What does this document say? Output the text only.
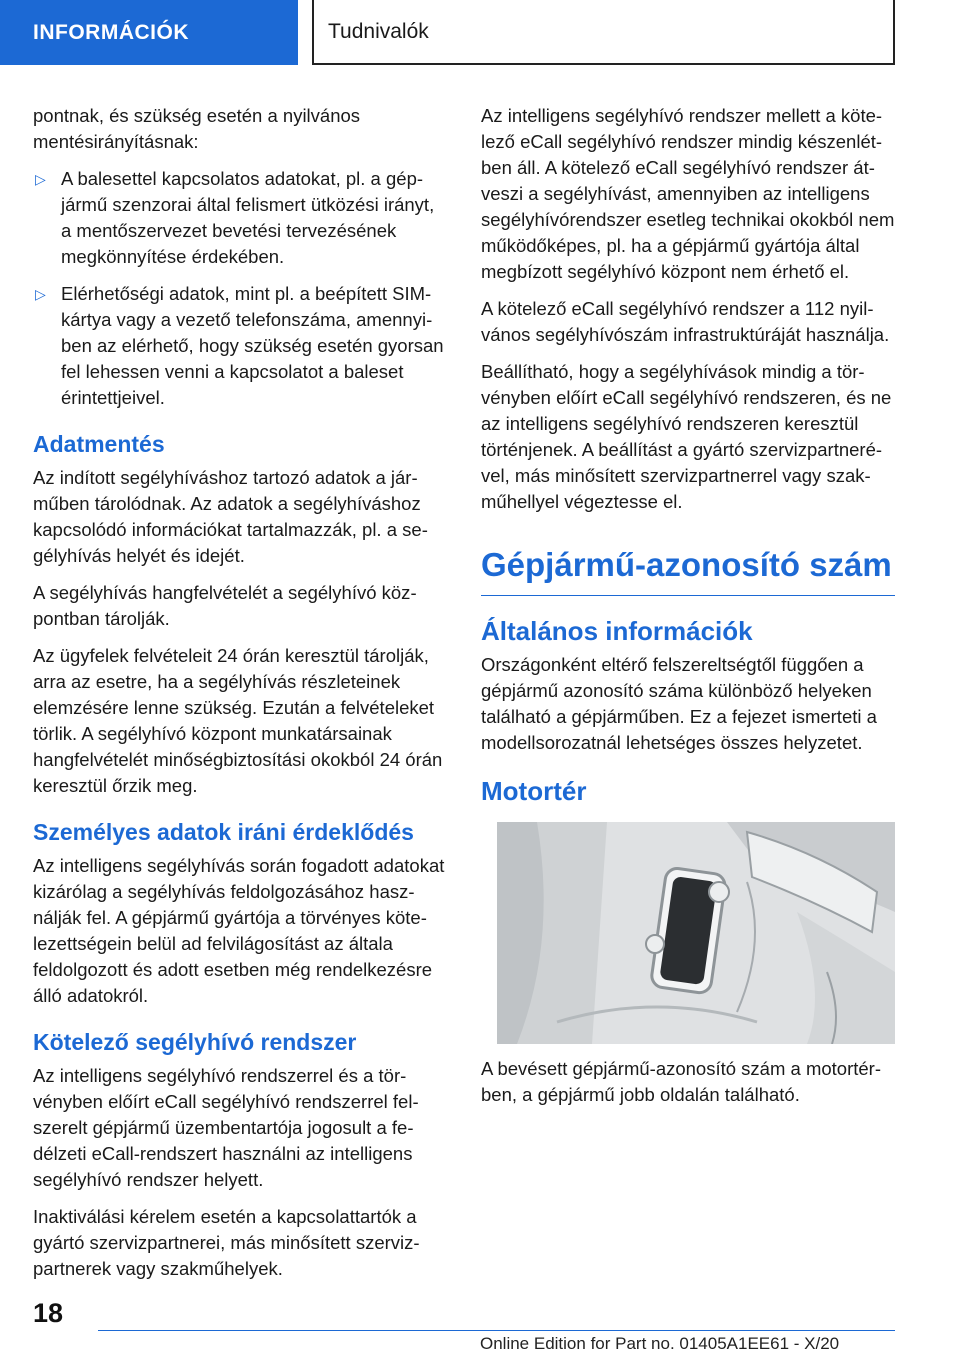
INFORMÁCIÓK	Tudnivalók

pontnak, és szükség esetén a nyilvános mentésirányításnak:

▷ A balesettel kapcsolatos adatokat, pl. a gépjármű szenzorai által felismert ütközési irányt, a mentőszervezet bevetési tervezésének megkönnyítése érdekében.
▷ Elérhetőségi adatok, mint pl. a beépített SIM-kártya vagy a vezető telefonszáma, amennyiben az elérhető, hogy szükség esetén gyorsan fel lehessen venni a kapcsolatot a baleset érintettjeivel.
Adatmentés

Az indított segélyhíváshoz tartozó adatok a járműben tárolódnak. Az adatok a segélyhíváshoz kapcsolódó információkat tartalmazzák, pl. a segélyhívás helyét és idejét.

A segélyhívás hangfelvételét a segélyhívó központban tárolják.

Az ügyfelek felvételeit 24 órán keresztül tárolják, arra az esetre, ha a segélyhívás részleteinek elemzésére lenne szükség. Ezután a felvételeket törlik. A segélyhívó központ munkatársainak hangfelvételét minőségbiztosítási okokból 24 órán keresztül őrzik meg.

Személyes adatok iráni érdeklődés

Az intelligens segélyhívás során fogadott adatokat kizárólag a segélyhívás feldolgozásához használják fel. A gépjármű gyártója a törvényes kötelezettségein belül ad felvilágosítást az általa feldolgozott és adott esetben még rendelkezésre álló adatokról.

Kötelező segélyhívó rendszer

Az intelligens segélyhívó rendszerrel és a törvényben előírt eCall segélyhívó rendszerrel felszerelt gépjármű üzembentartója jogosult a fedélzeti eCall-rendszert használni az intelligens segélyhívó rendszer helyett.

Inaktiválási kérelem esetén a kapcsolattartók a gyártó szervizpartnerei, más minősített szervizpartnerek vagy szakműhelyek.

Az intelligens segélyhívó rendszer mellett a kötelező eCall segélyhívó rendszer mindig készenlétben áll. A kötelező eCall segélyhívó rendszer átveszi a segélyhívást, amennyiben az intelligens segélyhívórendszer esetleg technikai okokból nem működőképes, pl. ha a gépjármű gyártója által megbízott segélyhívó központ nem érhető el.

A kötelező eCall segélyhívó rendszer a 112 nyilvános segélyhívószám infrastruktúráját használja.

Beállítható, hogy a segélyhívások mindig a törvényben előírt eCall segélyhívó rendszeren, és ne az intelligens segélyhívó rendszeren keresztül történjenek. A beállítást a gyártó szervizpartnerével, más minősített szervizpartnerrel vagy szakműhellyel végeztesse el.

Gépjármű-azonosító szám
Általános információk

Országonként eltérő felszereltségtől függően a gépjármű azonosító száma különböző helyeken található a gépjárműben. Ez a fejezet ismerteti a modellsorozatnál lehetséges összes helyzetet.

Motortér

A bevésett gépjármű-azonosító szám a motortérben, a gépjármű jobb oldalán található.

18
Online Edition for Part no. 01405A1EE61 - X/20
